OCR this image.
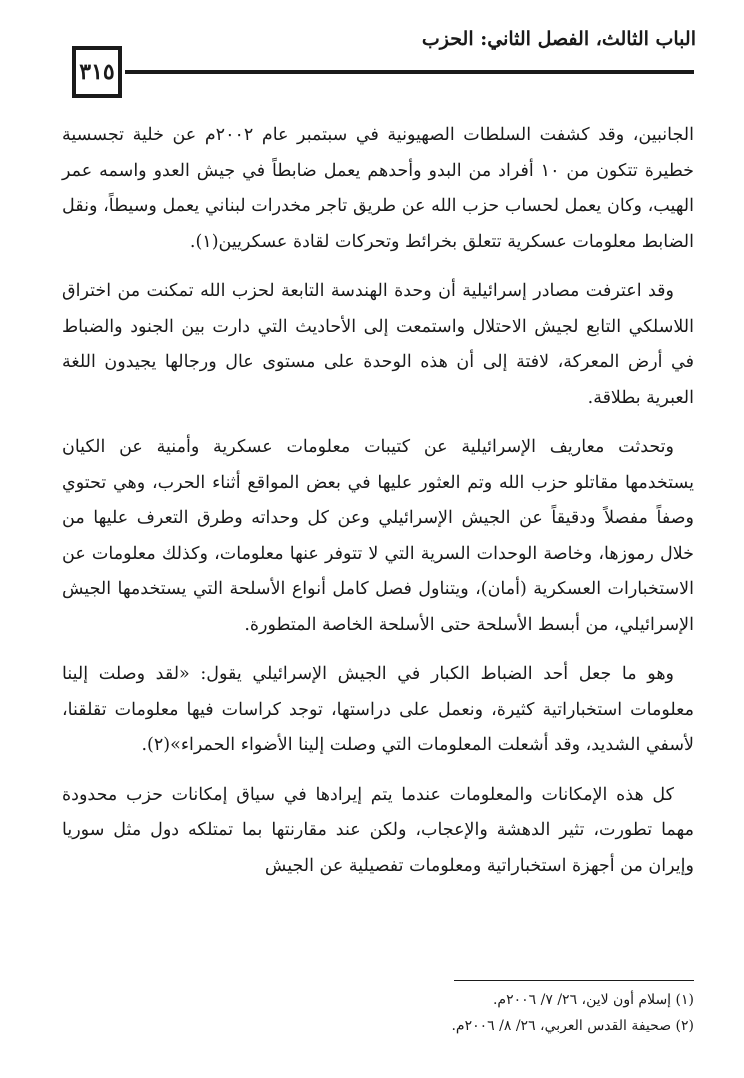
الباب الثالث، الفصل الثاني: الحزب
٣١٥

الجانبين، وقد كشفت السلطات الصهيونية في سبتمبر عام ٢٠٠٢م عن خلية تجسسية خطيرة تتكون من ١٠ أفراد من البدو وأحدهم يعمل ضابطاً في جيش العدو واسمه عمر الهيب، وكان يعمل لحساب حزب الله عن طريق تاجر مخدرات لبناني يعمل وسيطاً، ونقل الضابط معلومات عسكرية تتعلق بخرائط وتحركات لقادة عسكريين(١).

وقد اعترفت مصادر إسرائيلية أن وحدة الهندسة التابعة لحزب الله تمكنت من اختراق اللاسلكي التابع لجيش الاحتلال واستمعت إلى الأحاديث التي دارت بين الجنود والضباط في أرض المعركة، لافتة إلى أن هذه الوحدة على مستوى عال ورجالها يجيدون اللغة العبرية بطلاقة.

وتحدثت معاريف الإسرائيلية عن كتيبات معلومات عسكرية وأمنية عن الكيان يستخدمها مقاتلو حزب الله وتم العثور عليها في بعض المواقع أثناء الحرب، وهي تحتوي وصفاً مفصلاً ودقيقاً عن الجيش الإسرائيلي وعن كل وحداته وطرق التعرف عليها من خلال رموزها، وخاصة الوحدات السرية التي لا تتوفر عنها معلومات، وكذلك معلومات عن الاستخبارات العسكرية (أمان)، ويتناول فصل كامل أنواع الأسلحة التي يستخدمها الجيش الإسرائيلي، من أبسط الأسلحة حتى الأسلحة الخاصة المتطورة.

وهو ما جعل أحد الضباط الكبار في الجيش الإسرائيلي يقول: «لقد وصلت إلينا معلومات استخباراتية كثيرة، ونعمل على دراستها، توجد كراسات فيها معلومات تقلقنا، لأسفي الشديد، وقد أشعلت المعلومات التي وصلت إلينا الأضواء الحمراء»(٢).

كل هذه الإمكانات والمعلومات عندما يتم إيرادها في سياق إمكانات حزب محدودة مهما تطورت، تثير الدهشة والإعجاب، ولكن عند مقارنتها بما تمتلكه دول مثل سوريا وإيران من أجهزة استخباراتية ومعلومات تفصيلية عن الجيش

(١) إسلام أون لاين، ٢٦/ ٧/ ٢٠٠٦م.

(٢) صحيفة القدس العربي، ٢٦/ ٨/ ٢٠٠٦م.
